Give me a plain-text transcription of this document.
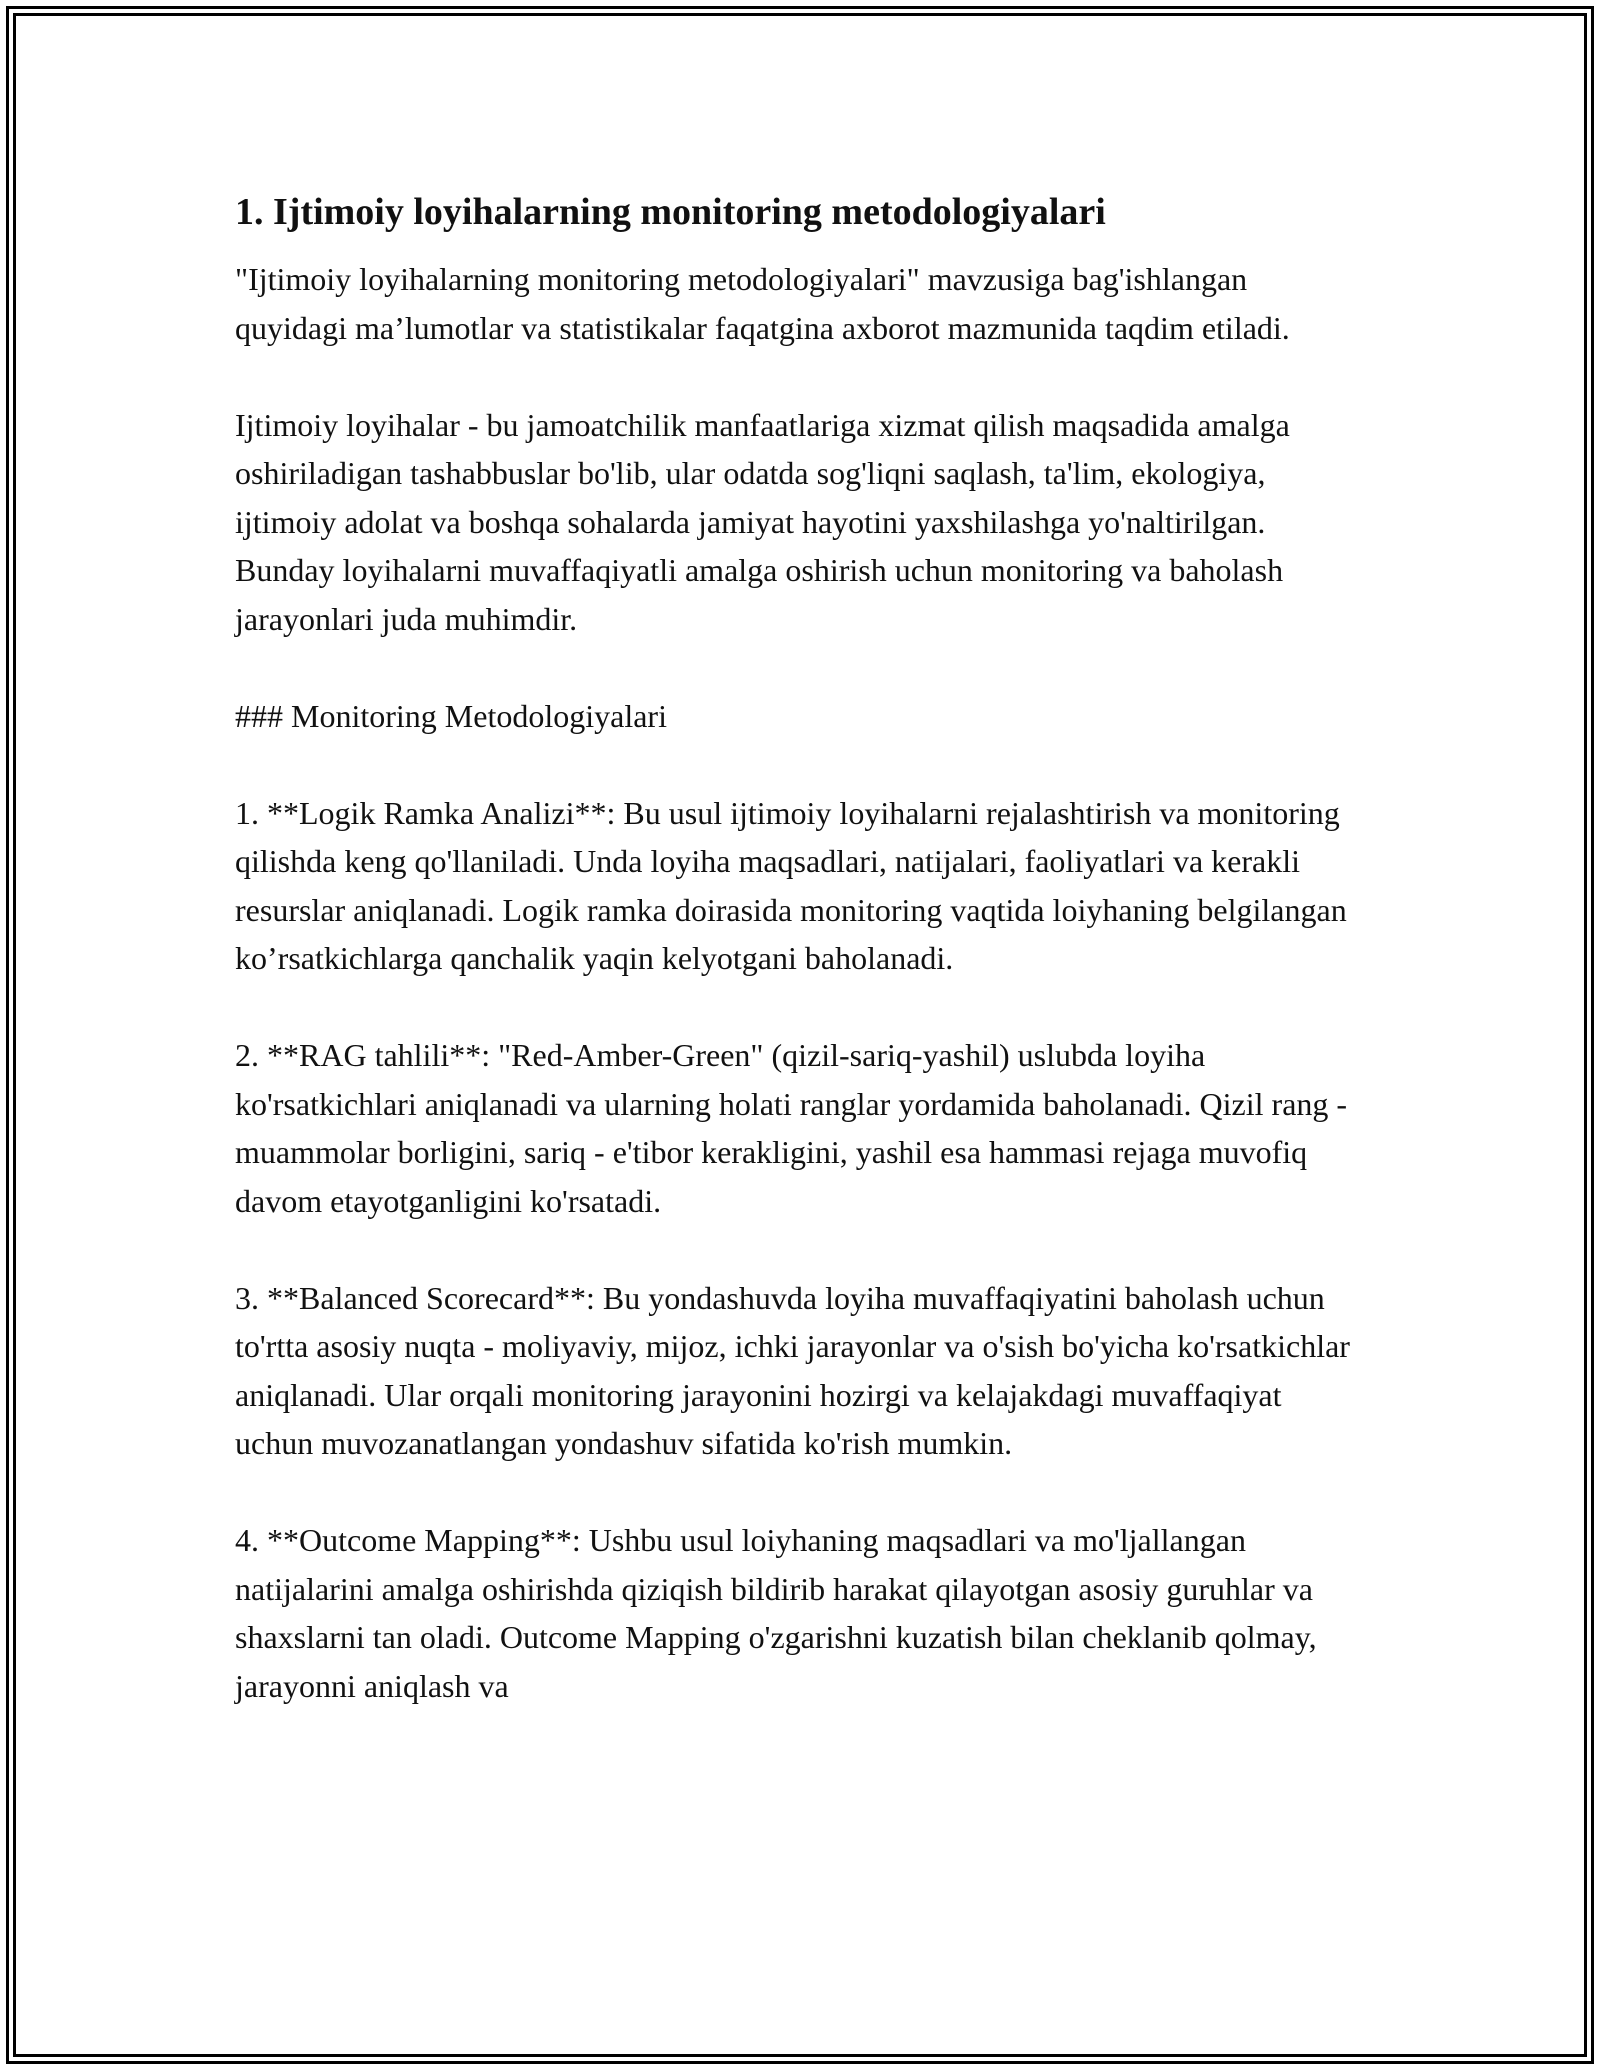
1. Ijtimoiy loyihalarning monitoring metodologiyalari

"Ijtimoiy loyihalarning monitoring metodologiyalari" mavzusiga bag'ishlangan quyidagi ma’lumotlar va statistikalar faqatgina axborot mazmunida taqdim etiladi.

Ijtimoiy loyihalar - bu jamoatchilik manfaatlariga xizmat qilish maqsadida amalga oshiriladigan tashabbuslar bo'lib, ular odatda sog'liqni saqlash, ta'lim, ekologiya, ijtimoiy adolat va boshqa sohalarda jamiyat hayotini yaxshilashga yo'naltirilgan. Bunday loyihalarni muvaffaqiyatli amalga oshirish uchun monitoring va baholash jarayonlari juda muhimdir.

### Monitoring Metodologiyalari

1. **Logik Ramka Analizi**: Bu usul ijtimoiy loyihalarni rejalashtirish va monitoring qilishda keng qo'llaniladi. Unda loyiha maqsadlari, natijalari, faoliyatlari va kerakli resurslar aniqlanadi. Logik ramka doirasida monitoring vaqtida loiyhaning belgilangan ko’rsatkichlarga qanchalik yaqin kelyotgani baholanadi.

2. **RAG tahlili**: "Red-Amber-Green" (qizil-sariq-yashil) uslubda loyiha ko'rsatkichlari aniqlanadi va ularning holati ranglar yordamida baholanadi. Qizil rang - muammolar borligini, sariq - e'tibor kerakligini, yashil esa hammasi rejaga muvofiq davom etayotganligini ko'rsatadi.

3. **Balanced Scorecard**: Bu yondashuvda loyiha muvaffaqiyatini baholash uchun to'rtta asosiy nuqta - moliyaviy, mijoz, ichki jarayonlar va o'sish bo'yicha ko'rsatkichlar aniqlanadi. Ular orqali monitoring jarayonini hozirgi va kelajakdagi muvaffaqiyat uchun muvozanatlangan yondashuv sifatida ko'rish mumkin.

4. **Outcome Mapping**: Ushbu usul loiyhaning maqsadlari va mo'ljallangan natijalarini amalga oshirishda qiziqish bildirib harakat qilayotgan asosiy guruhlar va shaxslarni tan oladi. Outcome Mapping o'zgarishni kuzatish bilan cheklanib qolmay, jarayonni aniqlash va
